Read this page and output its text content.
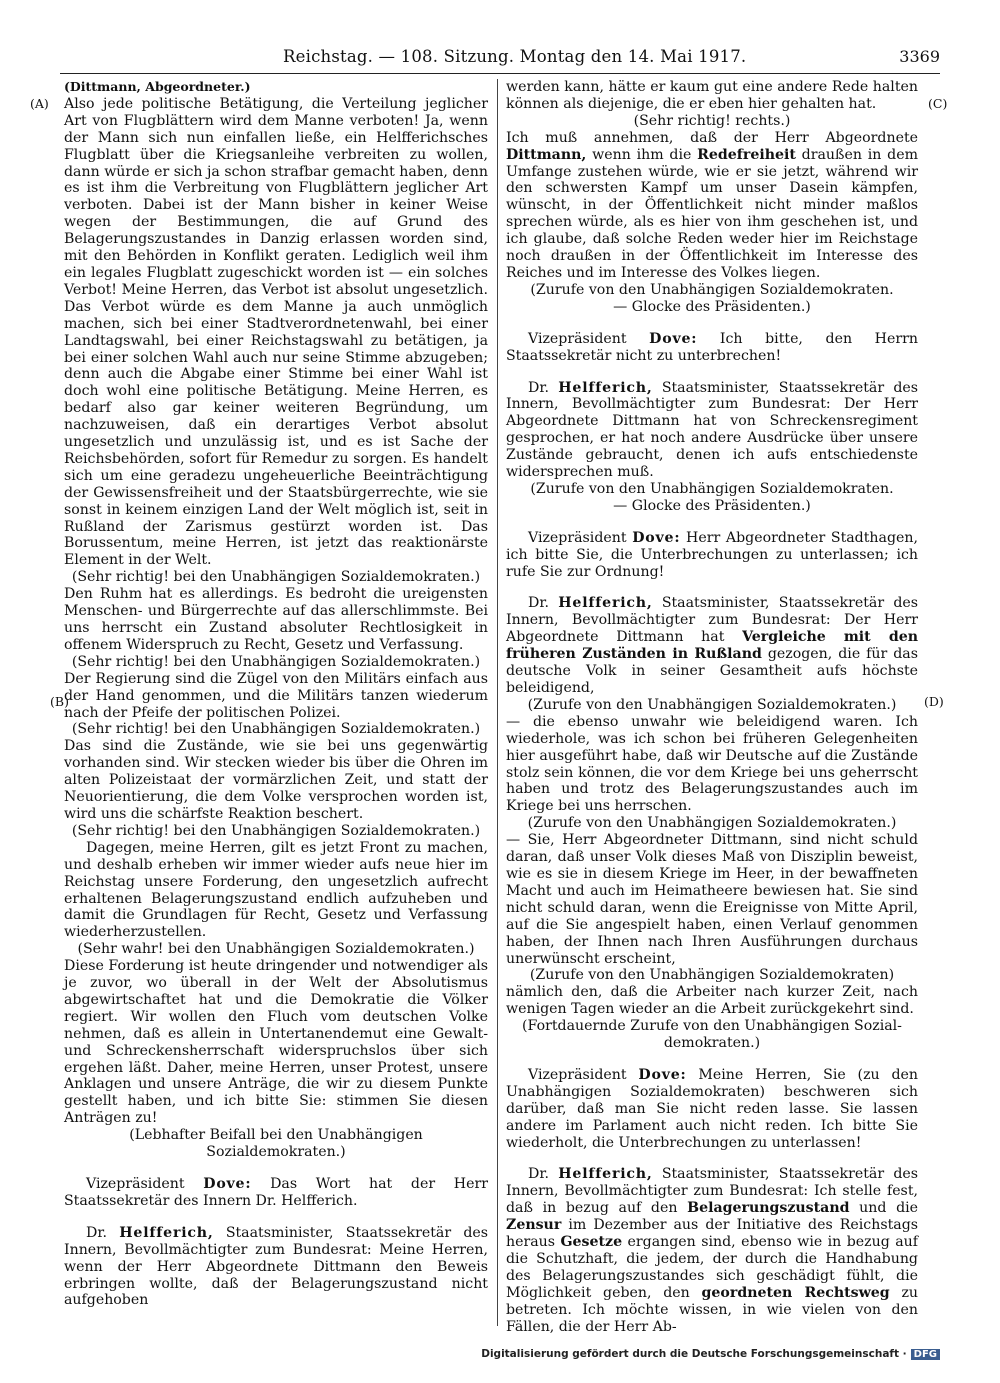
Reichstag. — 108. Sitzung. Montag den 14. Mai 1917.	3369
(A)
(B)
(C)
(D)

(Dittmann, Abgeordneter.)

Also jede politische Betätigung, die Verteilung jeglicher Art von Flugblättern wird dem Manne verboten! Ja, wenn der Mann sich nun einfallen ließe, ein Helfferichsches Flugblatt über die Kriegsanleihe verbreiten zu wollen, dann würde er sich ja schon strafbar gemacht haben, denn es ist ihm die Verbreitung von Flugblättern jeglicher Art verboten. Dabei ist der Mann bisher in keiner Weise wegen der Bestimmungen, die auf Grund des Belagerungszustandes in Danzig erlassen worden sind, mit den Behörden in Konflikt geraten. Lediglich weil ihm ein legales Flugblatt zugeschickt worden ist — ein solches Verbot! Meine Herren, das Verbot ist absolut ungesetzlich. Das Verbot würde es dem Manne ja auch unmöglich machen, sich bei einer Stadtverordnetenwahl, bei einer Landtagswahl, bei einer Reichstagswahl zu betätigen, ja bei einer solchen Wahl auch nur seine Stimme abzugeben; denn auch die Abgabe einer Stimme bei einer Wahl ist doch wohl eine politische Betätigung. Meine Herren, es bedarf also gar keiner weiteren Begründung, um nachzuweisen, daß ein derartiges Verbot absolut ungesetzlich und unzulässig ist, und es ist Sache der Reichsbehörden, sofort für Remedur zu sorgen. Es handelt sich um eine geradezu ungeheuerliche Beeinträchtigung der Gewissensfreiheit und der Staatsbürgerrechte, wie sie sonst in keinem einzigen Land der Welt möglich ist, seit in Rußland der Zarismus gestürzt worden ist. Das Borussentum, meine Herren, ist jetzt das reaktionärste Element in der Welt.

(Sehr richtig! bei den Unabhängigen Sozialdemokraten.)

Den Ruhm hat es allerdings. Es bedroht die ureigensten Menschen- und Bürgerrechte auf das allerschlimmste. Bei uns herrscht ein Zustand absoluter Rechtlosigkeit in offenem Widerspruch zu Recht, Gesetz und Verfassung.

(Sehr richtig! bei den Unabhängigen Sozialdemokraten.)

Der Regierung sind die Zügel von den Militärs einfach aus der Hand genommen, und die Militärs tanzen wiederum nach der Pfeife der politischen Polizei.

(Sehr richtig! bei den Unabhängigen Sozialdemokraten.)

Das sind die Zustände, wie sie bei uns gegenwärtig vorhanden sind. Wir stecken wieder bis über die Ohren im alten Polizeistaat der vormärzlichen Zeit, und statt der Neuorientierung, die dem Volke versprochen worden ist, wird uns die schärfste Reaktion beschert.

(Sehr richtig! bei den Unabhängigen Sozialdemokraten.)

Dagegen, meine Herren, gilt es jetzt Front zu machen, und deshalb erheben wir immer wieder aufs neue hier im Reichstag unsere Forderung, den ungesetzlich aufrecht erhaltenen Belagerungszustand endlich aufzuheben und damit die Grundlagen für Recht, Gesetz und Verfassung wiederherzustellen.

(Sehr wahr! bei den Unabhängigen Sozialdemokraten.)

Diese Forderung ist heute dringender und notwendiger als je zuvor, wo überall in der Welt der Absolutismus abgewirtschaftet hat und die Demokratie die Völker regiert. Wir wollen den Fluch vom deutschen Volke nehmen, daß es allein in Untertanendemut eine Gewalt- und Schreckensherrschaft widerspruchslos über sich ergehen läßt. Daher, meine Herren, unser Protest, unsere Anklagen und unsere Anträge, die wir zu diesem Punkte gestellt haben, und ich bitte Sie: stimmen Sie diesen Anträgen zu!

(Lebhafter Beifall bei den Unabhängigen

Sozialdemokraten.)

Vizepräsident Dove: Das Wort hat der Herr Staatssekretär des Innern Dr. Helfferich.

Dr. Helfferich, Staatsminister, Staatssekretär des Innern, Bevollmächtigter zum Bundesrat: Meine Herren, wenn der Herr Abgeordnete Dittmann den Beweis erbringen wollte, daß der Belagerungszustand nicht aufgehoben

werden kann, hätte er kaum gut eine andere Rede halten können als diejenige, die er eben hier gehalten hat.

(Sehr richtig! rechts.)

Ich muß annehmen, daß der Herr Abgeordnete Dittmann, wenn ihm die Redefreiheit draußen in dem Umfange zustehen würde, wie er sie jetzt, während wir den schwersten Kampf um unser Dasein kämpfen, wünscht, in der Öffentlichkeit nicht minder maßlos sprechen würde, als es hier von ihm geschehen ist, und ich glaube, daß solche Reden weder hier im Reichstage noch draußen in der Öffentlichkeit im Interesse des Reiches und im Interesse des Volkes liegen.

(Zurufe von den Unabhängigen Sozialdemokraten.

— Glocke des Präsidenten.)

Vizepräsident Dove: Ich bitte, den Herrn Staatssekretär nicht zu unterbrechen!

Dr. Helfferich, Staatsminister, Staatssekretär des Innern, Bevollmächtigter zum Bundesrat: Der Herr Abgeordnete Dittmann hat von Schreckensregiment gesprochen, er hat noch andere Ausdrücke über unsere Zustände gebraucht, denen ich aufs entschiedenste widersprechen muß.

(Zurufe von den Unabhängigen Sozialdemokraten.

— Glocke des Präsidenten.)

Vizepräsident Dove: Herr Abgeordneter Stadthagen, ich bitte Sie, die Unterbrechungen zu unterlassen; ich rufe Sie zur Ordnung!

Dr. Helfferich, Staatsminister, Staatssekretär des Innern, Bevollmächtigter zum Bundesrat: Der Herr Abgeordnete Dittmann hat Vergleiche mit den früheren Zuständen in Rußland gezogen, die für das deutsche Volk in seiner Gesamtheit aufs höchste beleidigend,

(Zurufe von den Unabhängigen Sozialdemokraten.)

— die ebenso unwahr wie beleidigend waren. Ich wiederhole, was ich schon bei früheren Gelegenheiten hier ausgeführt habe, daß wir Deutsche auf die Zustände stolz sein können, die vor dem Kriege bei uns geherrscht haben und trotz des Belagerungszustandes auch im Kriege bei uns herrschen.

(Zurufe von den Unabhängigen Sozialdemokraten.)

— Sie, Herr Abgeordneter Dittmann, sind nicht schuld daran, daß unser Volk dieses Maß von Disziplin beweist, wie es sie in diesem Kriege im Heer, in der bewaffneten Macht und auch im Heimatheere bewiesen hat. Sie sind nicht schuld daran, wenn die Ereignisse von Mitte April, auf die Sie angespielt haben, einen Verlauf genommen haben, der Ihnen nach Ihren Ausführungen durchaus unerwünscht erscheint,

(Zurufe von den Unabhängigen Sozialdemokraten)

nämlich den, daß die Arbeiter nach kurzer Zeit, nach wenigen Tagen wieder an die Arbeit zurückgekehrt sind.

(Fortdauernde Zurufe von den Unabhängigen Sozial-

demokraten.)

Vizepräsident Dove: Meine Herren, Sie (zu den Unabhängigen Sozialdemokraten) beschweren sich darüber, daß man Sie nicht reden lasse. Sie lassen andere im Parlament auch nicht reden. Ich bitte Sie wiederholt, die Unterbrechungen zu unterlassen!

Dr. Helfferich, Staatsminister, Staatssekretär des Innern, Bevollmächtigter zum Bundesrat: Ich stelle fest, daß in bezug auf den Belagerungszustand und die Zensur im Dezember aus der Initiative des Reichstags heraus Gesetze ergangen sind, ebenso wie in bezug auf die Schutzhaft, die jedem, der durch die Handhabung des Belagerungszustandes sich geschädigt fühlt, die Möglichkeit geben, den geordneten Rechtsweg zu betreten. Ich möchte wissen, in wie vielen von den Fällen, die der Herr Ab-

Digitalisierung gefördert durch die Deutsche Forschungsgemeinschaft · DFG
